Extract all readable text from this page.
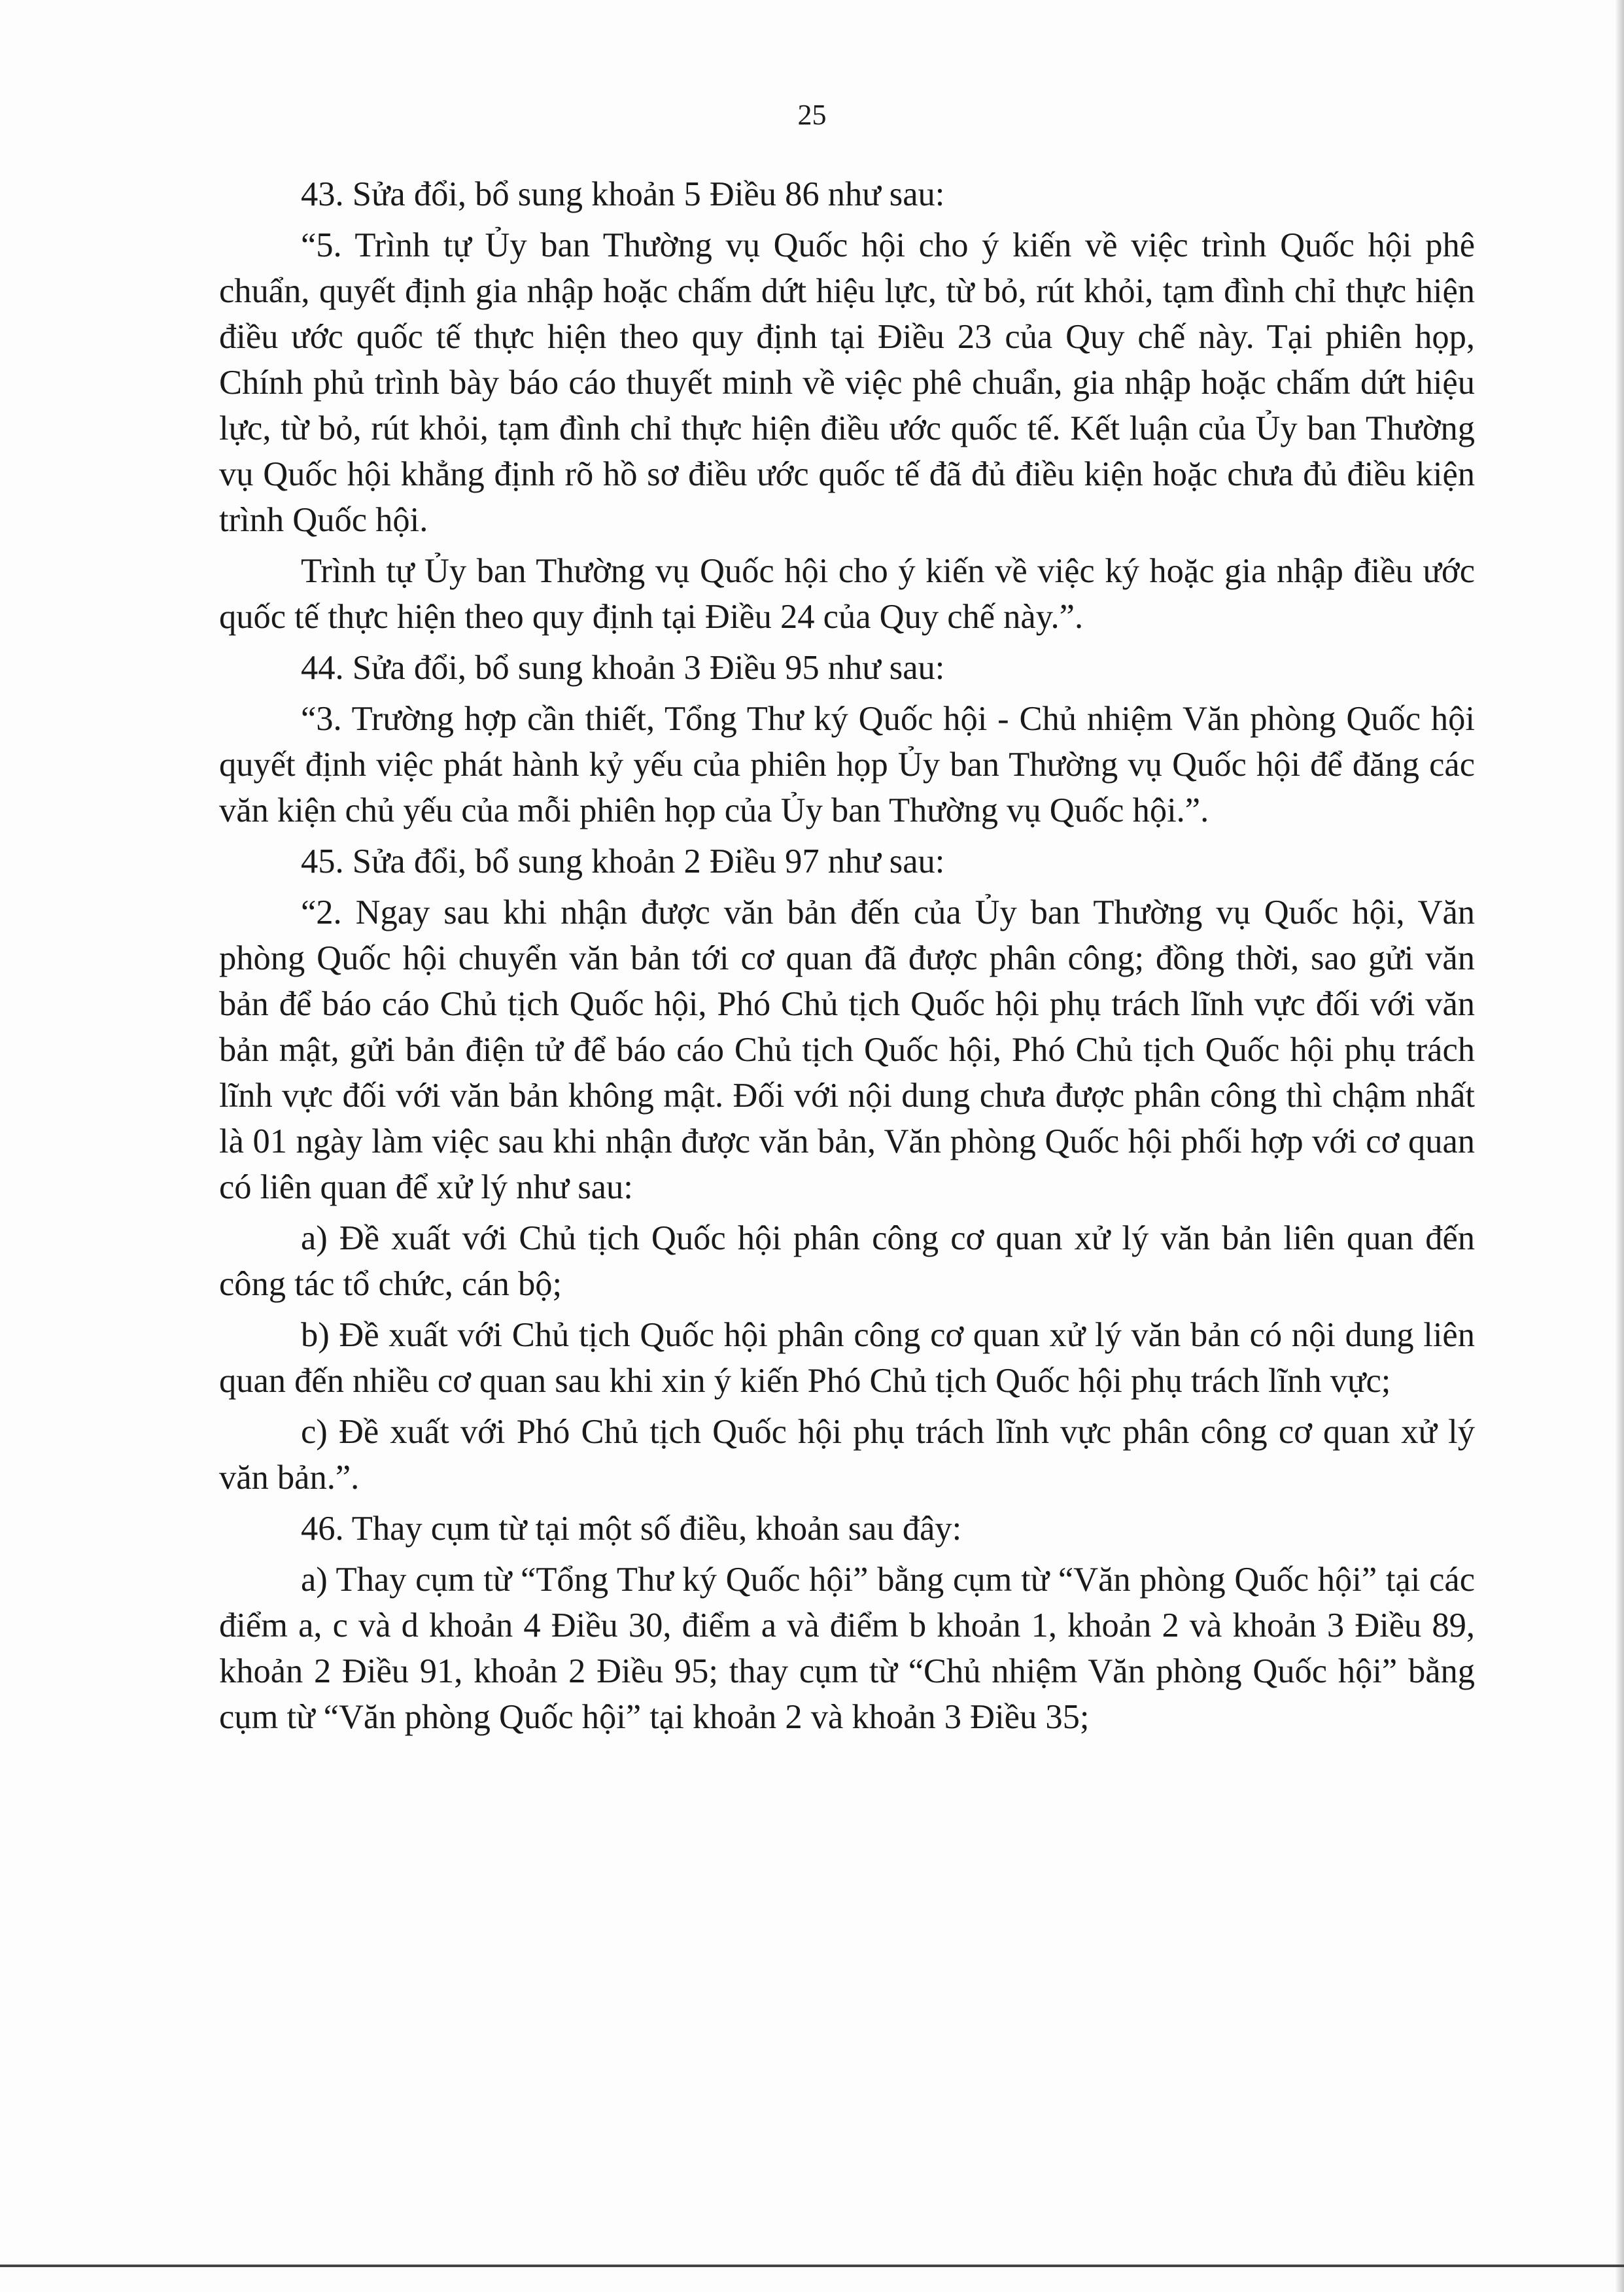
25

43. Sửa đổi, bổ sung khoản 5 Điều 86 như sau:

“5. Trình tự Ủy ban Thường vụ Quốc hội cho ý kiến về việc trình Quốc hội phê chuẩn, quyết định gia nhập hoặc chấm dứt hiệu lực, từ bỏ, rút khỏi, tạm đình chỉ thực hiện điều ước quốc tế thực hiện theo quy định tại Điều 23 của Quy chế này. Tại phiên họp, Chính phủ trình bày báo cáo thuyết minh về việc phê chuẩn, gia nhập hoặc chấm dứt hiệu lực, từ bỏ, rút khỏi, tạm đình chỉ thực hiện điều ước quốc tế. Kết luận của Ủy ban Thường vụ Quốc hội khẳng định rõ hồ sơ điều ước quốc tế đã đủ điều kiện hoặc chưa đủ điều kiện trình Quốc hội.

Trình tự Ủy ban Thường vụ Quốc hội cho ý kiến về việc ký hoặc gia nhập điều ước quốc tế thực hiện theo quy định tại Điều 24 của Quy chế này.”.

44. Sửa đổi, bổ sung khoản 3 Điều 95 như sau:

“3. Trường hợp cần thiết, Tổng Thư ký Quốc hội - Chủ nhiệm Văn phòng Quốc hội quyết định việc phát hành kỷ yếu của phiên họp Ủy ban Thường vụ Quốc hội để đăng các văn kiện chủ yếu của mỗi phiên họp của Ủy ban Thường vụ Quốc hội.”.

45. Sửa đổi, bổ sung khoản 2 Điều 97 như sau:

“2. Ngay sau khi nhận được văn bản đến của Ủy ban Thường vụ Quốc hội, Văn phòng Quốc hội chuyển văn bản tới cơ quan đã được phân công; đồng thời, sao gửi văn bản để báo cáo Chủ tịch Quốc hội, Phó Chủ tịch Quốc hội phụ trách lĩnh vực đối với văn bản mật, gửi bản điện tử để báo cáo Chủ tịch Quốc hội, Phó Chủ tịch Quốc hội phụ trách lĩnh vực đối với văn bản không mật. Đối với nội dung chưa được phân công thì chậm nhất là 01 ngày làm việc sau khi nhận được văn bản, Văn phòng Quốc hội phối hợp với cơ quan có liên quan để xử lý như sau:

a) Đề xuất với Chủ tịch Quốc hội phân công cơ quan xử lý văn bản liên quan đến công tác tổ chức, cán bộ;

b) Đề xuất với Chủ tịch Quốc hội phân công cơ quan xử lý văn bản có nội dung liên quan đến nhiều cơ quan sau khi xin ý kiến Phó Chủ tịch Quốc hội phụ trách lĩnh vực;

c) Đề xuất với Phó Chủ tịch Quốc hội phụ trách lĩnh vực phân công cơ quan xử lý văn bản.”.

46. Thay cụm từ tại một số điều, khoản sau đây:

a) Thay cụm từ “Tổng Thư ký Quốc hội” bằng cụm từ “Văn phòng Quốc hội” tại các điểm a, c và d khoản 4 Điều 30, điểm a và điểm b khoản 1, khoản 2 và khoản 3 Điều 89, khoản 2 Điều 91, khoản 2 Điều 95; thay cụm từ “Chủ nhiệm Văn phòng Quốc hội” bằng cụm từ “Văn phòng Quốc hội” tại khoản 2 và khoản 3 Điều 35;
